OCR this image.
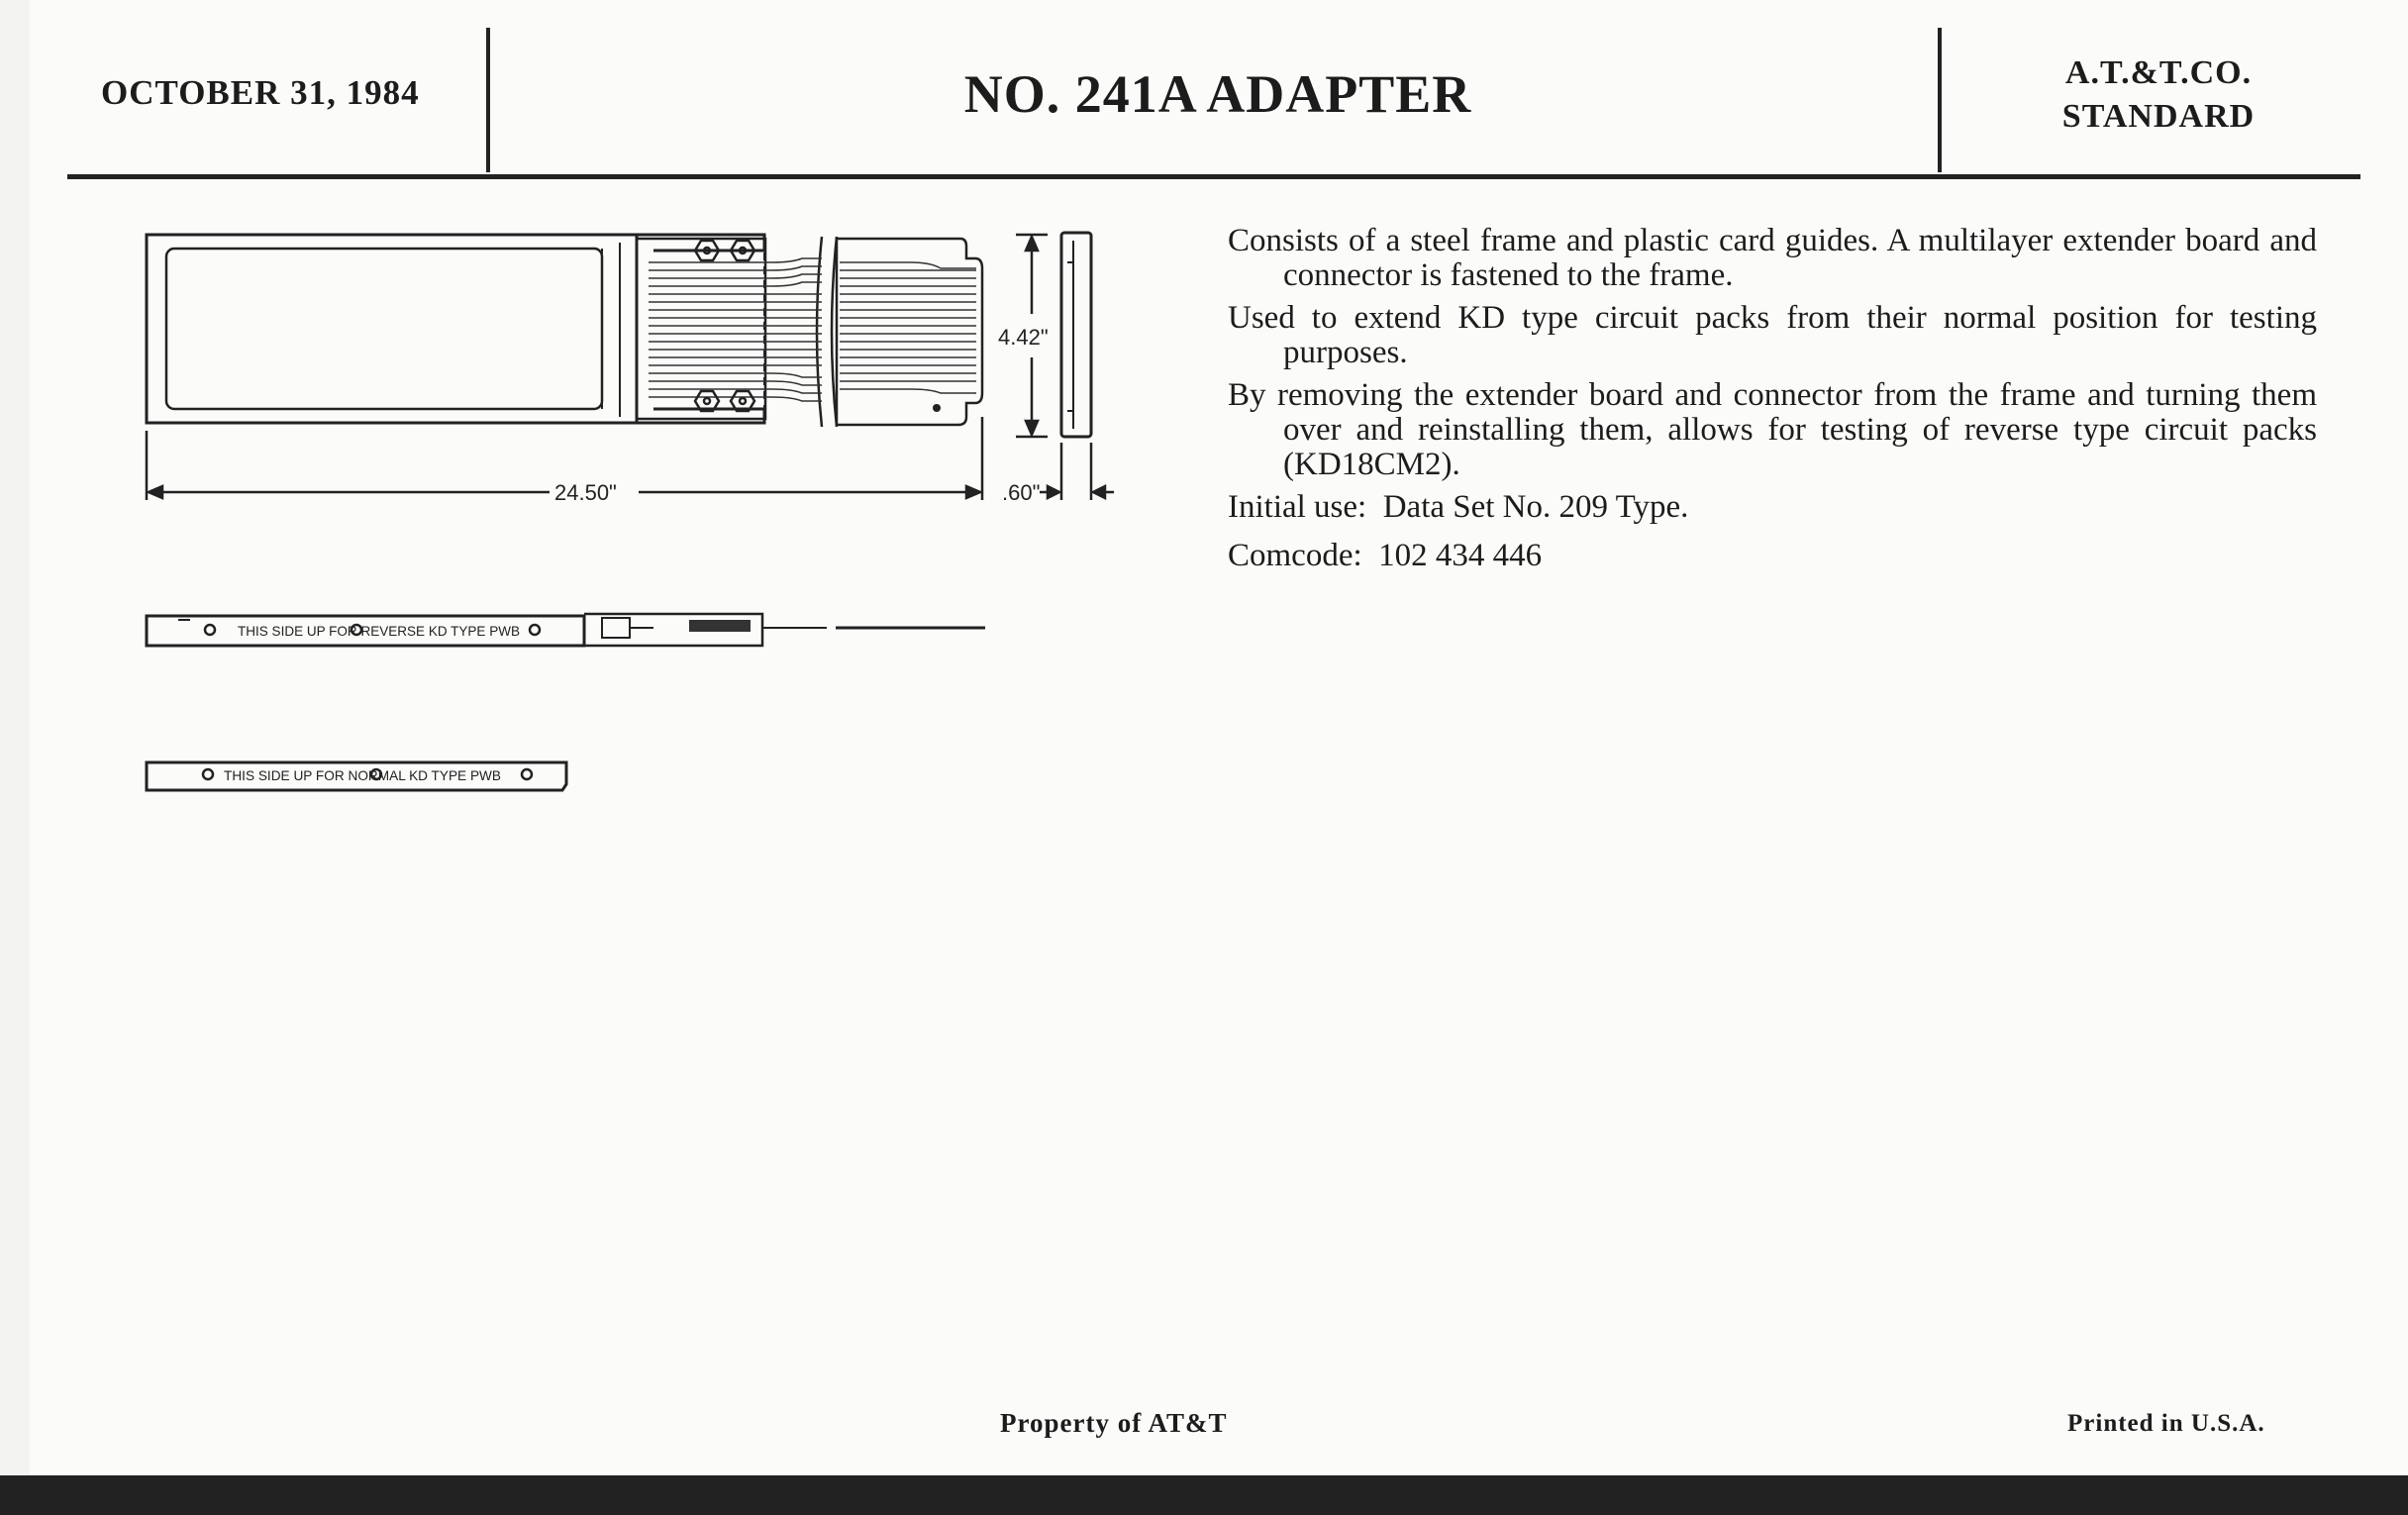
OCTOBER 31, 1984	NO. 241A ADAPTER	A.T.&T.CO.
STANDARD
4.42"
24.50"	.60"
THIS SIDE UP FOR REVERSE KD TYPE PWB
THIS SIDE UP FOR NORMAL KD TYPE PWB

Consists of a steel frame and plastic card guides. A multilayer extender board and connector is fastened to the frame.

Used to extend KD type circuit packs from their normal position for testing purposes.

By removing the extender board and connector from the frame and turning them over and reinstalling them, allows for testing of reverse type circuit packs (KD18CM2).

Initial use:  Data Set No. 209 Type.

Comcode:  102 434 446

Property of AT&T	Printed in U.S.A.
